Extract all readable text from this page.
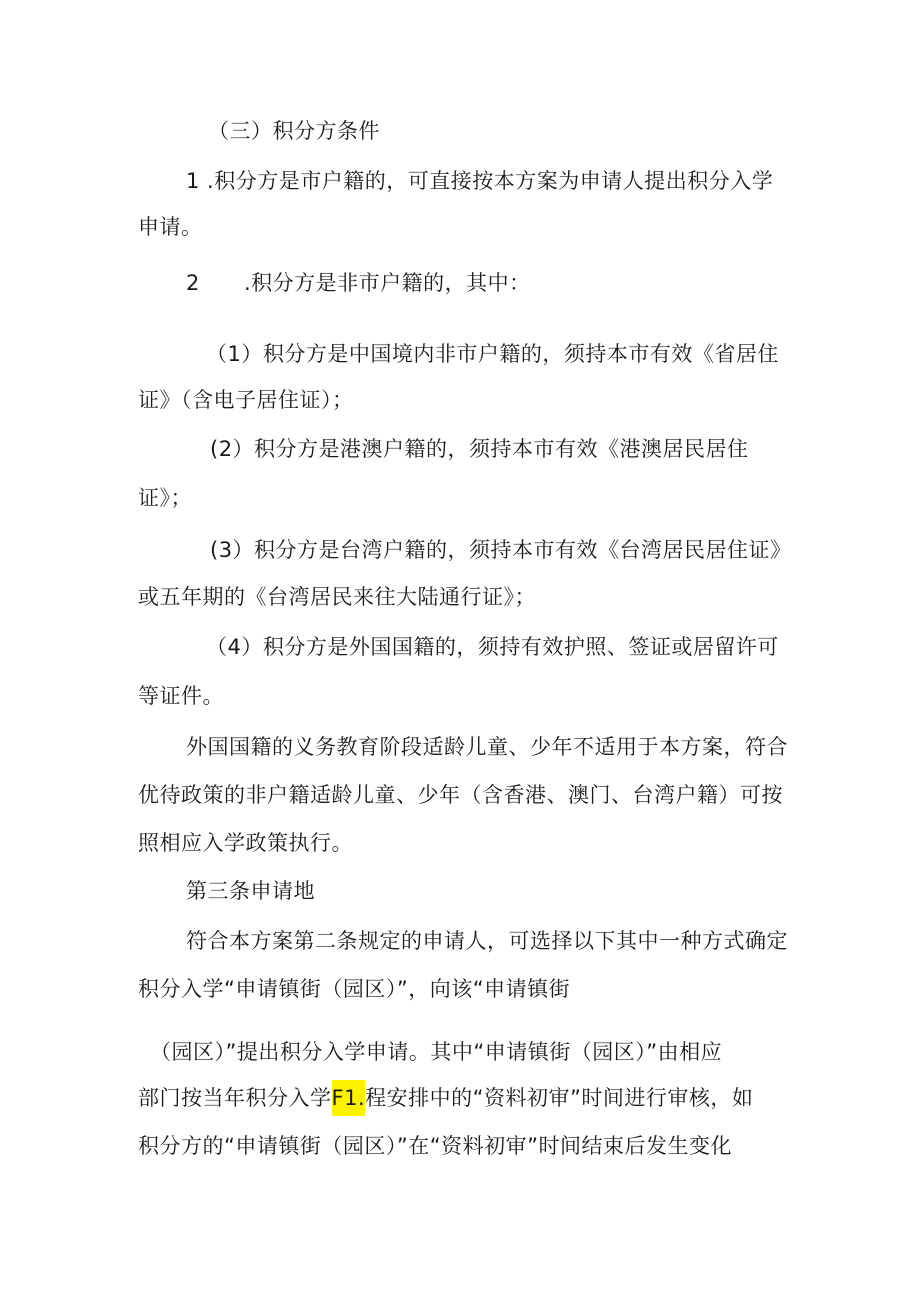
（三）积分方条件
1 .积分方是市户籍的，可直接按本方案为申请人提出积分入学
申请。
2 .积分方是非市户籍的，其中：
（1）积分方是中国境内非市户籍的，须持本市有效《省居住
证》（含电子居住证）；
(2）积分方是港澳户籍的，须持本市有效《港澳居民居住
证》；
(3）积分方是台湾户籍的，须持本市有效《台湾居民居住证》
或五年期的《台湾居民来往大陆通行证》；
（4）积分方是外国国籍的，须持有效护照、签证或居留许可
等证件。
外国国籍的义务教育阶段适龄儿童、少年不适用于本方案，符合
优待政策的非户籍适龄儿童、少年（含香港、澳门、台湾户籍）可按
照相应入学政策执行。
第三条申请地
符合本方案第二条规定的申请人，可选择以下其中一种方式确定
积分入学“申请镇街（园区）”，向该“申请镇街
（园区）”提出积分入学申请。其中“申请镇街（园区）”由相应
部门按当年积分入学F1.程安排中的“资料初审”时间进行审核，如
积分方的“申请镇街（园区）”在“资料初审”时间结束后发生变化
